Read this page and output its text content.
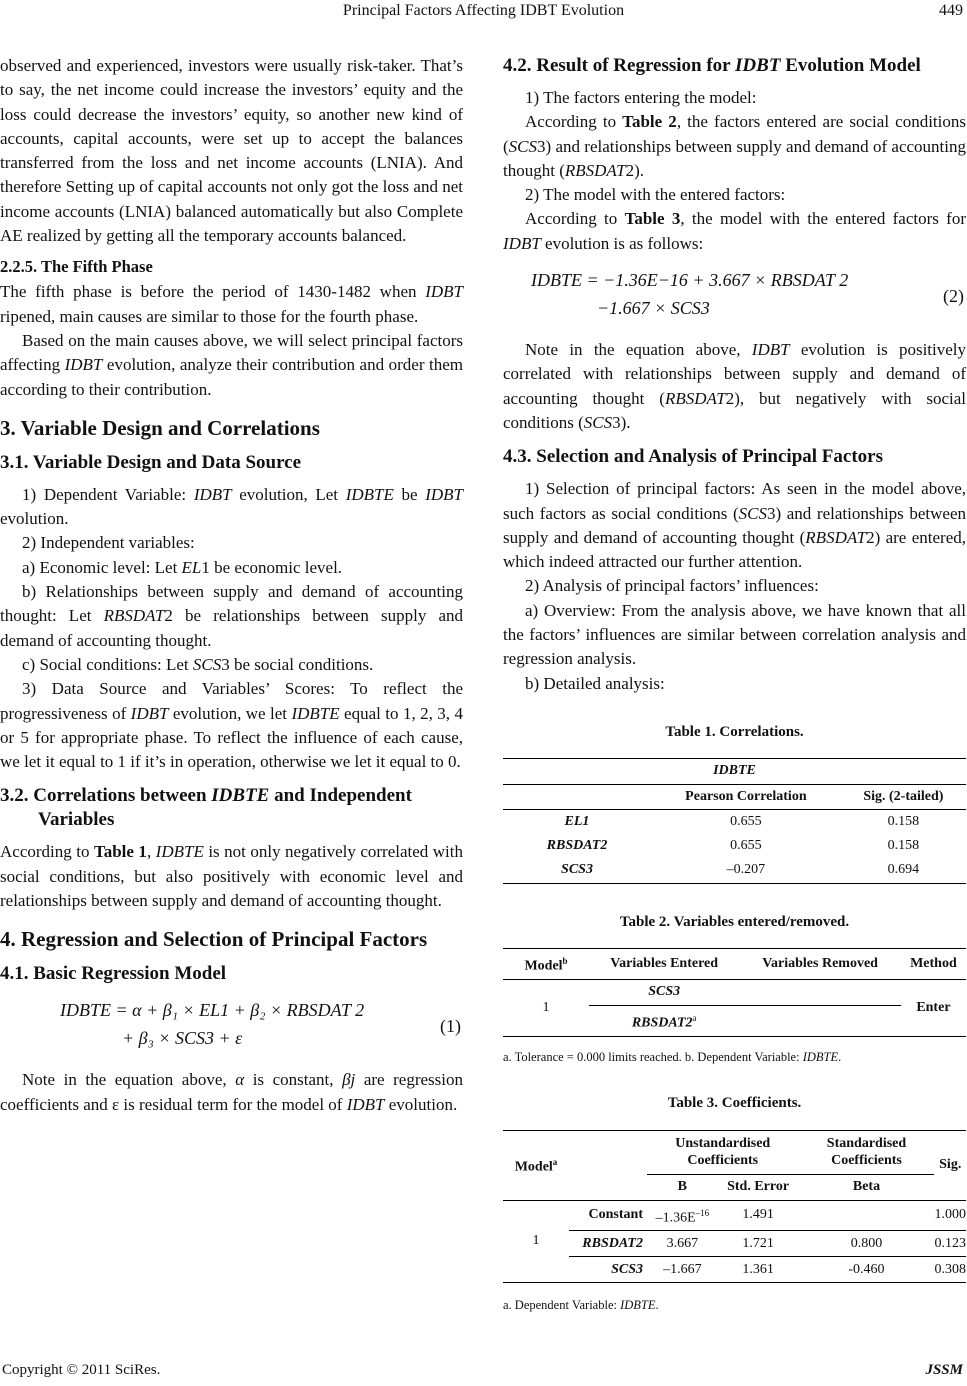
Principal Factors Affecting IDBT Evolution	449

observed and experienced, investors were usually risk-taker. That’s to say, the net income could increase the investors’ equity and the loss could decrease the investors’ equity, so another new kind of accounts, capital accounts, were set up to accept the balances transferred from the loss and net income accounts (LNIA). And therefore Setting up of capital accounts not only got the loss and net income accounts (LNIA) balanced automatically but also Complete AE realized by getting all the temporary accounts balanced.

2.2.5. The Fifth Phase

The fifth phase is before the period of 1430-1482 when IDBT ripened, main causes are similar to those for the fourth phase.

Based on the main causes above, we will select principal factors affecting IDBT evolution, analyze their contribution and order them according to their contribution.

3. Variable Design and Correlations
3.1. Variable Design and Data Source

1) Dependent Variable: IDBT evolution, Let IDBTE be IDBT evolution.

2) Independent variables:

a) Economic level: Let EL1 be economic level.

b) Relationships between supply and demand of accounting thought: Let RBSDAT2 be relationships between supply and demand of accounting thought.

c) Social conditions: Let SCS3 be social conditions.

3) Data Source and Variables’ Scores: To reflect the progressiveness of IDBT evolution, we let IDBTE equal to 1, 2, 3, 4 or 5 for appropriate phase. To reflect the influence of each cause, we let it equal to 1 if it’s in operation, otherwise we let it equal to 0.

3.2. Correlations between IDBTE and Independent Variables

According to Table 1, IDBTE is not only negatively correlated with social conditions, but also positively with economic level and relationships between supply and demand of accounting thought.

4. Regression and Selection of Principal Factors
4.1. Basic Regression Model
IDBTE = α + β₁ × EL1 + β₂ × RBSDAT 2
+ β₃ × SCS3 + ε
(1)

Note in the equation above, α is constant, βj are regression coefficients and ε is residual term for the model of IDBT evolution.

4.2. Result of Regression for IDBT Evolution Model

1) The factors entering the model:

According to Table 2, the factors entered are social conditions (SCS3) and relationships between supply and demand of accounting thought (RBSDAT2).

2) The model with the entered factors:

According to Table 3, the model with the entered factors for IDBT evolution is as follows:

IDBTE = −1.36E−16 + 3.667 × RBSDAT 2
−1.667 × SCS3
(2)

Note in the equation above, IDBT evolution is positively correlated with relationships between supply and demand of accounting thought (RBSDAT2), but negatively with social conditions (SCS3).

4.3. Selection and Analysis of Principal Factors

1) Selection of principal factors: As seen in the model above, such factors as social conditions (SCS3) and relationships between supply and demand of accounting thought (RBSDAT2) are entered, which indeed attracted our further attention.

2) Analysis of principal factors’ influences:

a) Overview: From the analysis above, we have known that all the factors’ influences are similar between correlation analysis and regression analysis.

b) Detailed analysis:

Table 1. Correlations.
IDBTE		
	Pearson Correlation	Sig. (2-tailed)
EL1	0.655	0.158
RBSDAT2	0.655	0.158
SCS3	–0.207	0.694
Table 2. Variables entered/removed.
Model$^b$	Variables Entered	Variables Removed	Method
1	SCS3		Enter
	RBSDAT2$^a$	
a. Tolerance = 0.000 limits reached. b. Dependent Variable: IDBTE.
Table 3. Coefficients.
Model$^a$		Unstandardised Coefficients		Standardised Coefficients	Sig.
		B	Std. Error	Beta	
1	Constant	$-1.36E^{-16}$	1.491		1.000
	RBSDAT2	3.667	1.721	0.800	0.123
	SCS3	–1.667	1.361	-0.460	0.308
a. Dependent Variable: IDBTE.
Copyright © 2011 SciRes.	JSSM
